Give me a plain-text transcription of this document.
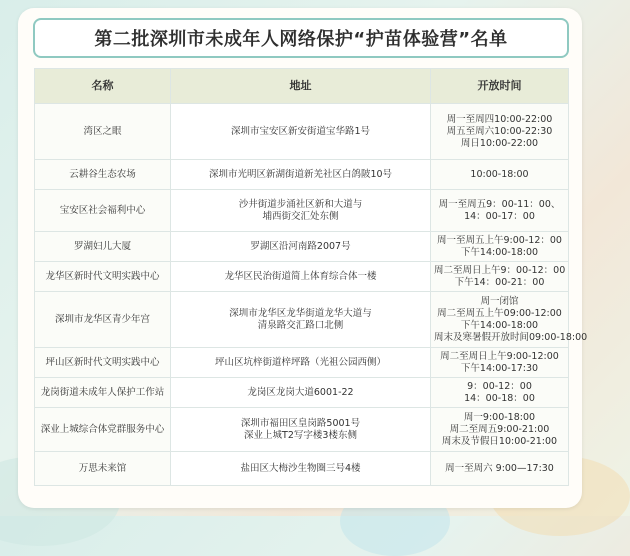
第二批深圳市未成年人网络保护“护苗体验营”名单
名称	地址	开放时间
湾区之眼	深圳市宝安区新安街道宝华路1号	周一至周四10:00-22:00
周五至周六10:00-22:30
周日10:00-22:00

云耕谷生态农场	深圳市光明区新湖街道新羌社区白鸽陂10号	10:00-18:00

宝安区社会福利中心	沙井街道步涌社区新和大道与
埔西街交汇处东侧	周一至周五9：00-11：00、
14：00-17：00

罗湖妇儿大厦	罗湖区沿河南路2007号	周一至周五上午9:00-12：00
下午14:00-18:00

龙华区新时代文明实践中心	龙华区民治街道简上体育综合体一楼	周二至周日上午9：00-12：00
下午14：00-21：00

深圳市龙华区青少年宫	深圳市龙华区龙华街道龙华大道与
清泉路交汇路口北侧	周一闭馆
周二至周五上午09:00-12:00
下午14:00-18:00
周末及寒暑假开放时间09:00-18:00

坪山区新时代文明实践中心	坪山区坑梓街道梓坪路（光祖公园西侧）	周二至周日上午9:00-12:00
下午14:00-17:30

龙岗街道未成年人保护工作站	龙岗区龙岗大道6001-22	9：00-12：00
14：00-18：00

深业上城综合体党群服务中心	深圳市福田区皇岗路5001号
深业上城T2写字楼3楼东侧	周一9:00-18:00
周二至周五9:00-21:00
周末及节假日10:00-21:00

万思未来馆	盐田区大梅沙生物圈三号4楼	周一至周六 9:00—17:30
